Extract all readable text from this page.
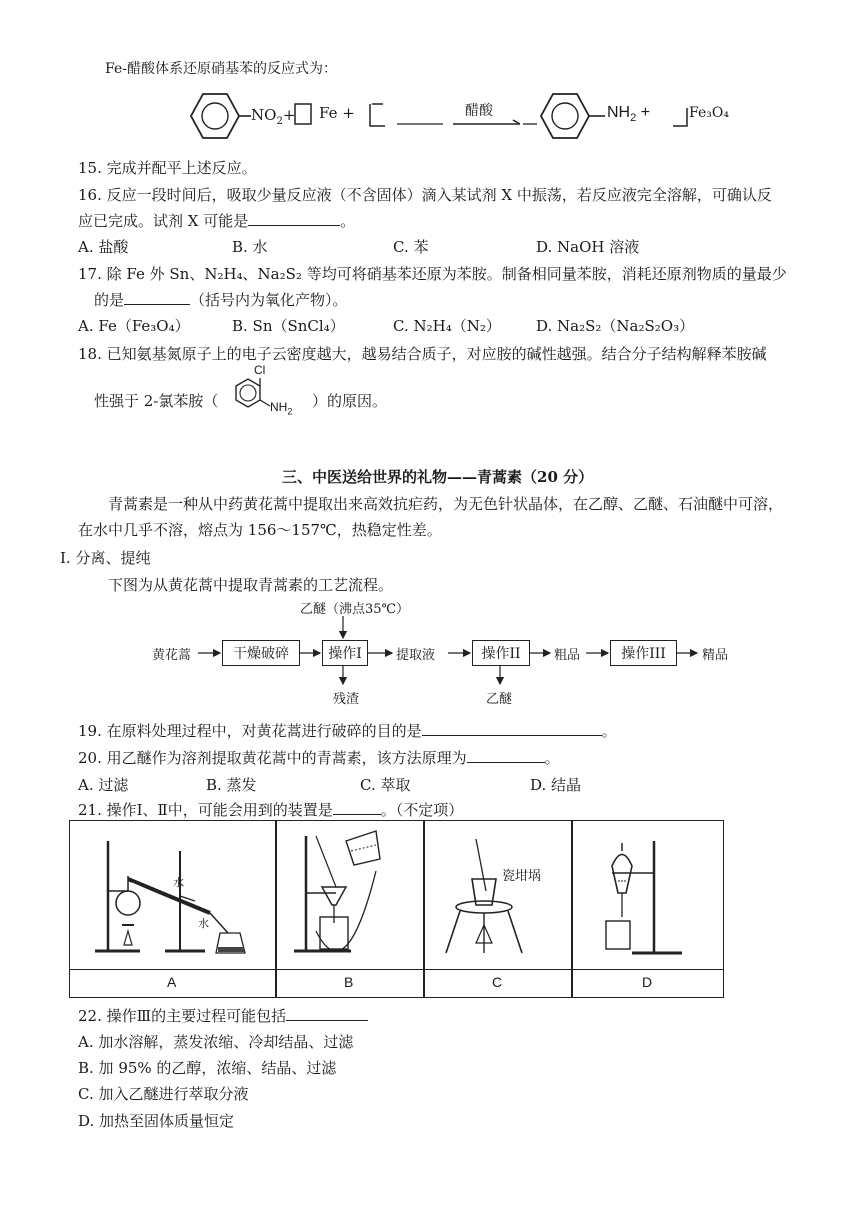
Fe-醋酸体系还原硝基苯的反应式为：
$NO_2+ Fe$ +	醋酸	$NH_2$ +	Fe₃O₄
15. 完成并配平上述反应。
16. 反应一段时间后，吸取少量反应液（不含固体）滴入某试剂 X 中振荡，若反应液完全溶解，可确认反
应已完成。试剂 X 可能是	。
A. 盐酸	B. 水	C. 苯	D. NaOH 溶液
17. 除 Fe 外 Sn、N₂H₄、Na₂S₂ 等均可将硝基苯还原为苯胺。制备相同量苯胺，消耗还原剂物质的量最少
的是	（括号内为氧化产物）。
A. Fe（Fe₃O₄）	B. Sn（SnCl₄）	C. N₂H₄（N₂） D. Na₂S₂（Na₂S₂O₃）
18. 已知氨基氮原子上的电子云密度越大，越易结合质子，对应胺的碱性越强。结合分子结构解释苯胺碱
性强于 2-氯苯胺（
Cl
$NH_2$
）的原因。
三、中医送给世界的礼物——青蒿素（20 分）
青蒿素是一种从中药黄花蒿中提取出来高效抗疟药，为无色针状晶体，在乙醇、乙醚、石油醚中可溶，
在水中几乎不溶，熔点为 156～157℃，热稳定性差。
I. 分离、提纯
下图为从黄花蒿中提取青蒿素的工艺流程。
乙醚（沸点35℃）
黄花蒿	干燥破碎	操作I	提取液	操作II	粗品	操作III	精品
残渣	乙醚
19. 在原料处理过程中，对黄花蒿进行破碎的目的是	。
20. 用乙醚作为溶剂提取黄花蒿中的青蒿素，该方法原理为	。
A. 过滤	B. 蒸发	C. 萃取	D. 结晶
21. 操作Ⅰ、Ⅱ中，可能会用到的装置是	。（不定项）
水
水
A	B
瓷坩埚
C	D
22. 操作Ⅲ的主要过程可能包括
A. 加水溶解，蒸发浓缩、冷却结晶、过滤
B. 加 95% 的乙醇，浓缩、结晶、过滤
C. 加入乙醚进行萃取分液
D. 加热至固体质量恒定
